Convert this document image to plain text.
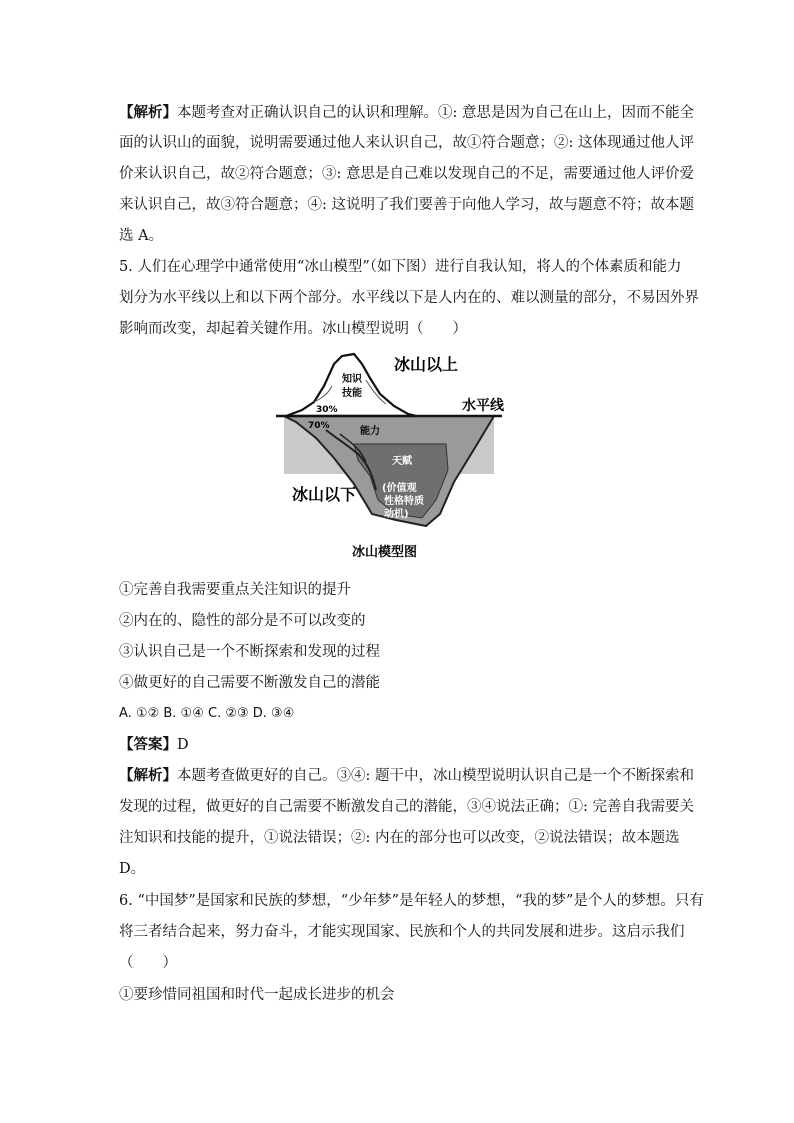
【解析】本题考查对正确认识自己的认识和理解。①: 意思是因为自己在山上，因而不能全
面的认识山的面貌，说明需要通过他人来认识自己，故①符合题意；②: 这体现通过他人评
价来认识自己，故②符合题意；③: 意思是自己难以发现自己的不足，需要通过他人评价爱
来认识自己，故③符合题意；④: 这说明了我们要善于向他人学习，故与题意不符；故本题
选 A。
5. 人们在心理学中通常使用“冰山模型”（如下图）进行自我认知，将人的个体素质和能力
划分为水平线以上和以下两个部分。水平线以下是人内在的、难以测量的部分，不易因外界
影响而改变，却起着关键作用。冰山模型说明（　　）
冰山以上
水平线
冰山以下
知识
技能
30%
70%	能力
天赋
(价值观
性格特质
动机)
冰山模型图
①完善自我需要重点关注知识的提升
②内在的、隐性的部分是不可以改变的
③认识自己是一个不断探索和发现的过程
④做更好的自己需要不断激发自己的潜能
A. ①② B. ①④ C. ②③ D. ③④
【答案】D
【解析】本题考查做更好的自己。③④: 题干中，冰山模型说明认识自己是一个不断探索和
发现的过程，做更好的自己需要不断激发自己的潜能，③④说法正确；①: 完善自我需要关
注知识和技能的提升，①说法错误；②: 内在的部分也可以改变，②说法错误；故本题选
D。
6. “中国梦”是国家和民族的梦想，“少年梦”是年轻人的梦想，“我的梦”是个人的梦想。只有
将三者结合起来，努力奋斗，才能实现国家、民族和个人的共同发展和进步。这启示我们
（　　）
①要珍惜同祖国和时代一起成长进步的机会
